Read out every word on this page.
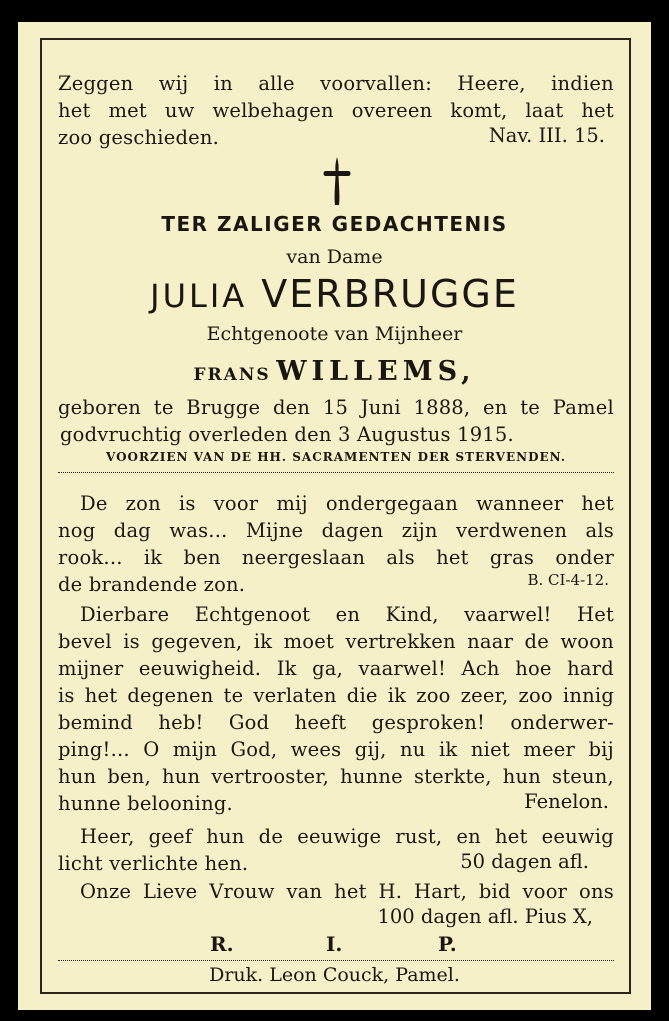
Zeggen wij in alle voorvallen: Heere, indien
het met uw welbehagen overeen komt, laat het
zoo geschieden.	Nav. III. 15.
TER ZALIGER GEDACHTENIS
van Dame
JULIA VERBRUGGE
Echtgenoote van Mijnheer
FRANS WILLEMS,
geboren te Brugge den 15 Juni 1888, en te Pamel
godvruchtig overleden den 3 Augustus 1915.
VOORZIEN VAN DE HH. SACRAMENTEN DER STERVENDEN.
De zon is voor mij ondergegaan wanneer het
nog dag was... Mijne dagen zijn verdwenen als
rook... ik ben neergeslaan als het gras onder
de brandende zon.	B. CI-4-12.
Dierbare Echtgenoot en Kind, vaarwel! Het
bevel is gegeven, ik moet vertrekken naar de woon
mijner eeuwigheid. Ik ga, vaarwel! Ach hoe hard
is het degenen te verlaten die ik zoo zeer, zoo innig
bemind heb! God heeft gesproken! onderwer-
ping!... O mijn God, wees gij, nu ik niet meer bij
hun ben, hun vertrooster, hunne sterkte, hun steun,
hunne belooning.	Fenelon.
Heer, geef hun de eeuwige rust, en het eeuwig
licht verlichte hen.	50 dagen afl.
Onze Lieve Vrouw van het H. Hart, bid voor ons
100 dagen afl. Pius X,
R.	I.	P.
Druk. Leon Couck, Pamel.
